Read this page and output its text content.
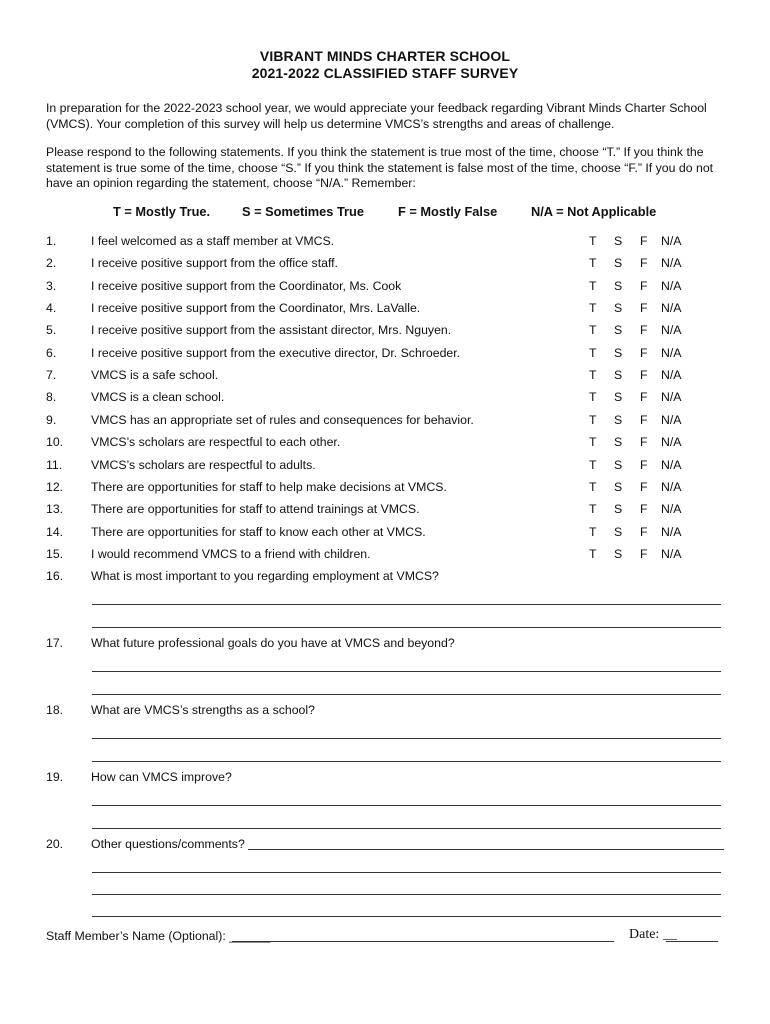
VIBRANT MINDS CHARTER SCHOOL
2021-2022 CLASSIFIED STAFF SURVEY
In preparation for the 2022-2023 school year, we would appreciate your feedback regarding Vibrant Minds Charter School (VMCS). Your completion of this survey will help us determine VMCS’s strengths and areas of challenge.
Please respond to the following statements. If you think the statement is true most of the time, choose “T.” If you think the statement is true some of the time, choose “S.” If you think the statement is false most of the time, choose “F.” If you do not have an opinion regarding the statement, choose “N/A.” Remember:
T = Mostly True. S = Sometimes True	F = Mostly False	N/A = Not Applicable
1.	I feel welcomed as a staff member at VMCS.	T S F N/A
2.	I receive positive support from the office staff.	T S F N/A
3.	I receive positive support from the Coordinator, Ms. Cook	T S F N/A
4.	I receive positive support from the Coordinator, Mrs. LaValle.	T S F N/A
5.	I receive positive support from the assistant director, Mrs. Nguyen.	T S F N/A
6.	I receive positive support from the executive director, Dr. Schroeder.	T S F N/A
7.	VMCS is a safe school.	T S F N/A
8.	VMCS is a clean school.	T S F N/A
9.	VMCS has an appropriate set of rules and consequences for behavior.	T S F N/A
10. VMCS’s scholars are respectful to each other.	T S F N/A
11. VMCS’s scholars are respectful to adults.	T S F N/A
12. There are opportunities for staff to help make decisions at VMCS.	T S F N/A
13. There are opportunities for staff to attend trainings at VMCS.	T S F N/A
14. There are opportunities for staff to know each other at VMCS.	T S F N/A
15. I would recommend VMCS to a friend with children.	T S F N/A
16. What is most important to you regarding employment at VMCS?
17. What future professional goals do you have at VMCS and beyond?
18. What are VMCS’s strengths as a school?
19. How can VMCS improve?
20. Other questions/comments?
Staff Member’s Name (Optional): ______	Date: __
